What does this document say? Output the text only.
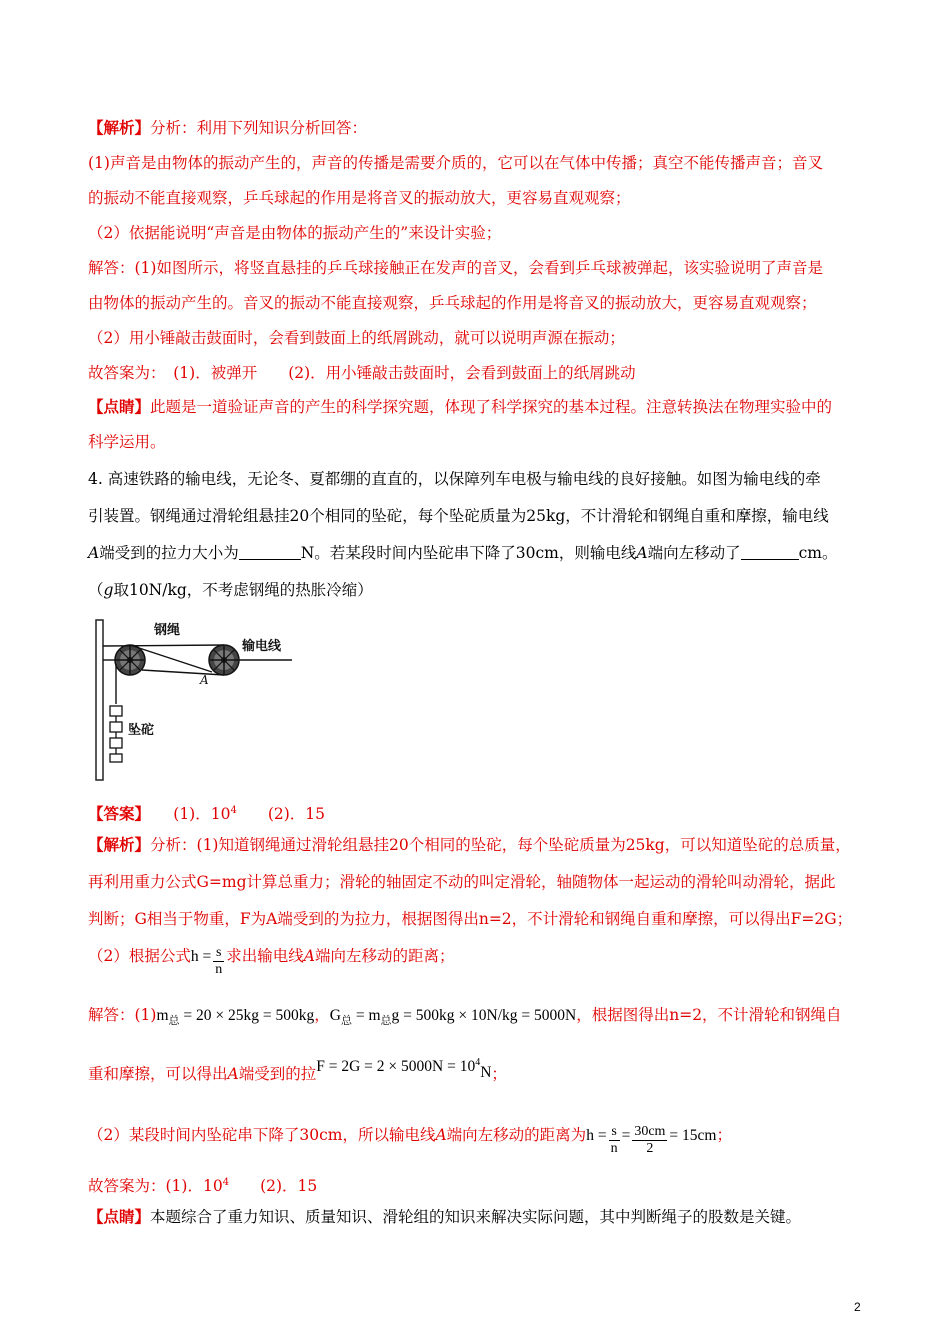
【解析】分析：利用下列知识分析回答：
(1)声音是由物体的振动产生的，声音的传播是需要介质的，它可以在气体中传播；真空不能传播声音；音叉
的振动不能直接观察，乒乓球起的作用是将音叉的振动放大，更容易直观观察；
（2）依据能说明“声音是由物体的振动产生的”来设计实验；
解答：(1)如图所示，将竖直悬挂的乒乓球接触正在发声的音叉，会看到乒乓球被弹起，该实验说明了声音是
由物体的振动产生的。音叉的振动不能直接观察，乒乓球起的作用是将音叉的振动放大，更容易直观观察；
（2）用小锤敲击鼓面时，会看到鼓面上的纸屑跳动，就可以说明声源在振动；
故答案为：　(1)．被弹开　　(2)．用小锤敲击鼓面时，会看到鼓面上的纸屑跳动
【点睛】此题是一道验证声音的产生的科学探究题，体现了科学探究的基本过程。注意转换法在物理实验中的
科学运用。
4. 高速铁路的输电线，无论冬、夏都绷的直直的，以保障列车电极与输电线的良好接触。如图为输电线的牵
引装置。钢绳通过滑轮组悬挂20个相同的坠砣，每个坠砣质量为25kg，不计滑轮和钢绳自重和摩擦，输电线
A端受到的拉力大小为	N。若某段时间内坠砣串下降了30cm，则输电线A端向左移动了	cm。
（g取10N/kg，不考虑钢绳的热胀冷缩）
钢绳
输电线
A
坠砣
【答案】　　(1)．$10^4$　　(2)．15
【解析】分析：(1)知道钢绳通过滑轮组悬挂20个相同的坠砣，每个坠砣质量为25kg，可以知道坠砣的总质量，
再利用重力公式G=mg计算总重力；滑轮的轴固定不动的叫定滑轮，轴随物体一起运动的滑轮叫动滑轮，据此
判断；G相当于物重，F为A端受到的为拉力，根据图得出n=2，不计滑轮和钢绳自重和摩擦，可以得出F=2G；
（2）根据公式$h = \frac{s}{n}$ 求出输电线A端向左移动的距离；
解答：$(1)m_总 = 20 \times 25kg = 500kg$，$G_总 = m_总g = 500kg \times 10N/kg = 5000N$，根据图得出n=2，不计滑轮和钢绳自
重和摩擦，可以得出A端受到的拉$F = 2G = 2 \times 5000N = 10^4N$；
（2）某段时间内坠砣串下降了30cm，所以输电线A端向左移动的距离为$h = \frac{s}{n} = \frac{30cm}{2} = 15cm$；
故答案为：(1)．$10^4$　　(2)．15
【点睛】本题综合了重力知识、质量知识、滑轮组的知识来解决实际问题，其中判断绳子的股数是关键。
2
